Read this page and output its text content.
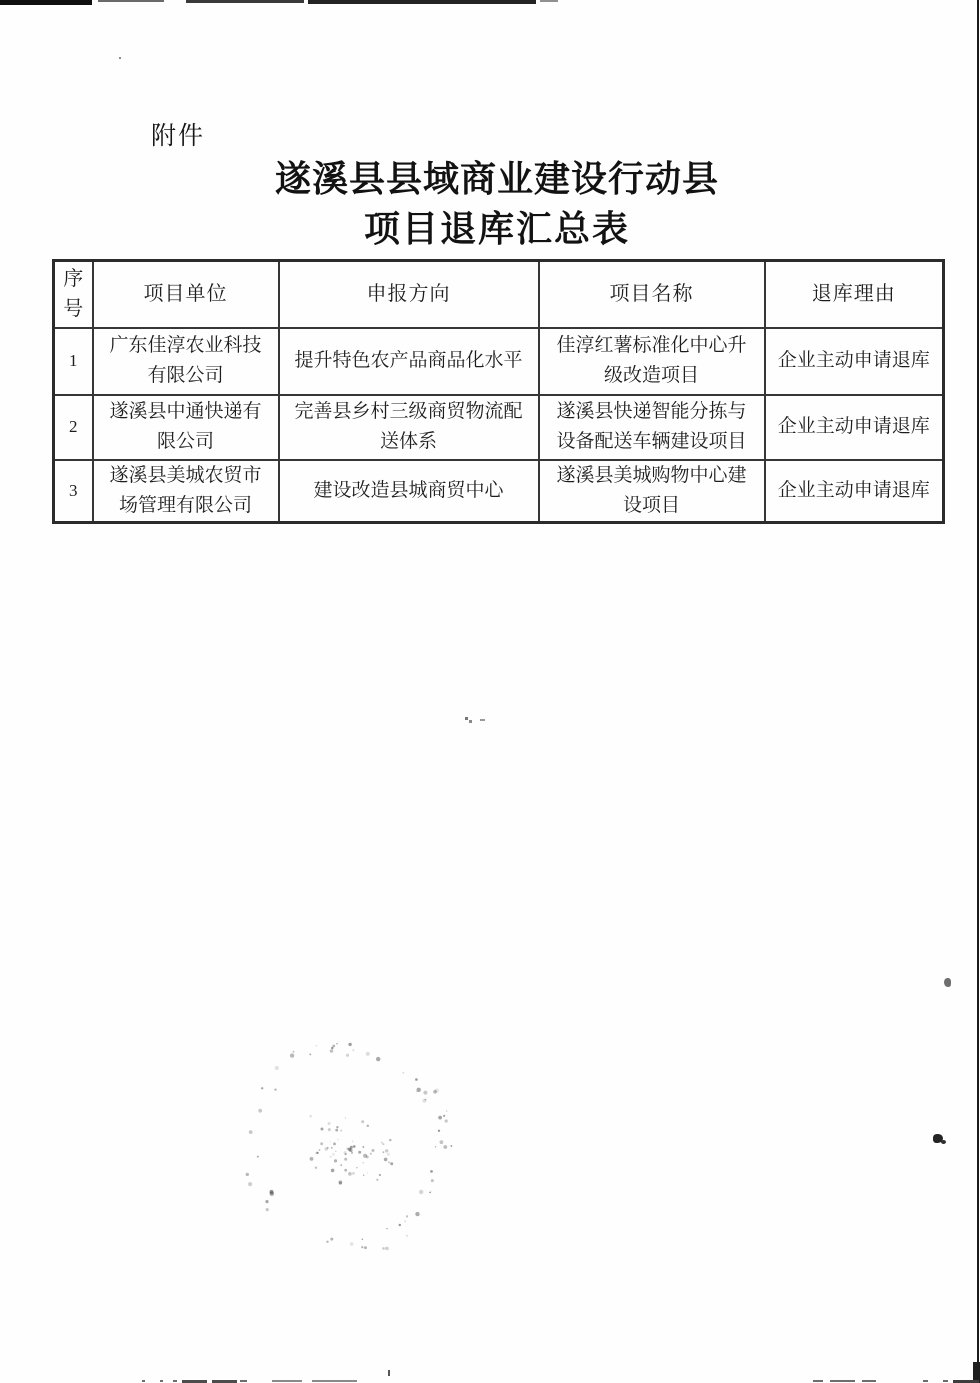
附件
遂溪县县域商业建设行动县
项目退库汇总表
序号	项目单位	申报方向	项目名称	退库理由
1	广东佳淳农业科技有限公司	提升特色农产品商品化水平	佳淳红薯标准化中心升级改造项目	企业主动申请退库
2	遂溪县中通快递有限公司	完善县乡村三级商贸物流配送体系	遂溪县快递智能分拣与设备配送车辆建设项目	企业主动申请退库
3	遂溪县美城农贸市场管理有限公司	建设改造县城商贸中心	遂溪县美城购物中心建设项目	企业主动申请退库
